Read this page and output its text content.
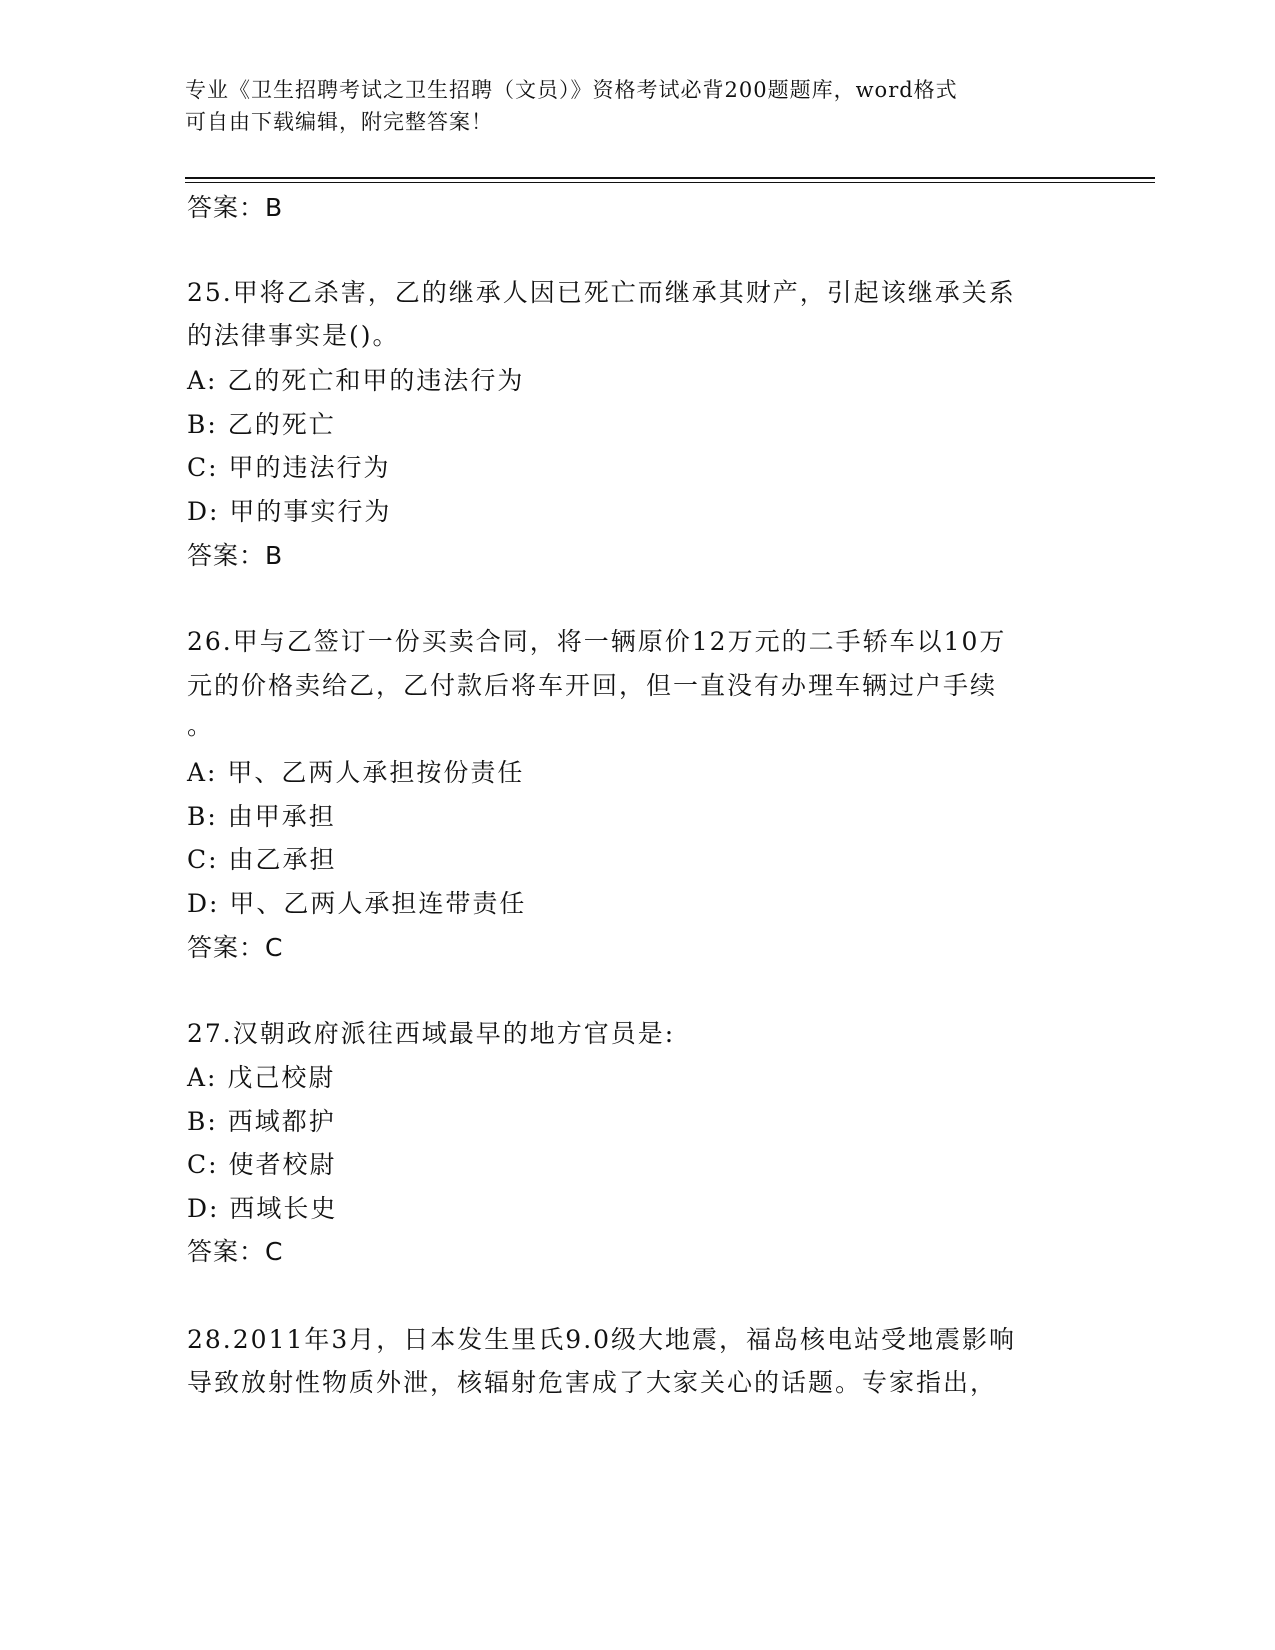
专业《卫生招聘考试之卫生招聘（文员）》资格考试必背200题题库，word格式
可自由下载编辑，附完整答案！
答案：B
25.甲将乙杀害，乙的继承人因已死亡而继承其财产，引起该继承关系
的法律事实是()。
A: 乙的死亡和甲的违法行为
B: 乙的死亡
C: 甲的违法行为
D: 甲的事实行为
答案：B
26.甲与乙签订一份买卖合同，将一辆原价12万元的二手轿车以10万
元的价格卖给乙，乙付款后将车开回，但一直没有办理车辆过户手续
。
A: 甲、乙两人承担按份责任
B: 由甲承担
C: 由乙承担
D: 甲、乙两人承担连带责任
答案：C
27.汉朝政府派往西域最早的地方官员是:
A: 戊己校尉
B: 西域都护
C: 使者校尉
D: 西域长史
答案：C
28.2011年3月，日本发生里氏9.0级大地震，福岛核电站受地震影响
导致放射性物质外泄，核辐射危害成了大家关心的话题。专家指出，
